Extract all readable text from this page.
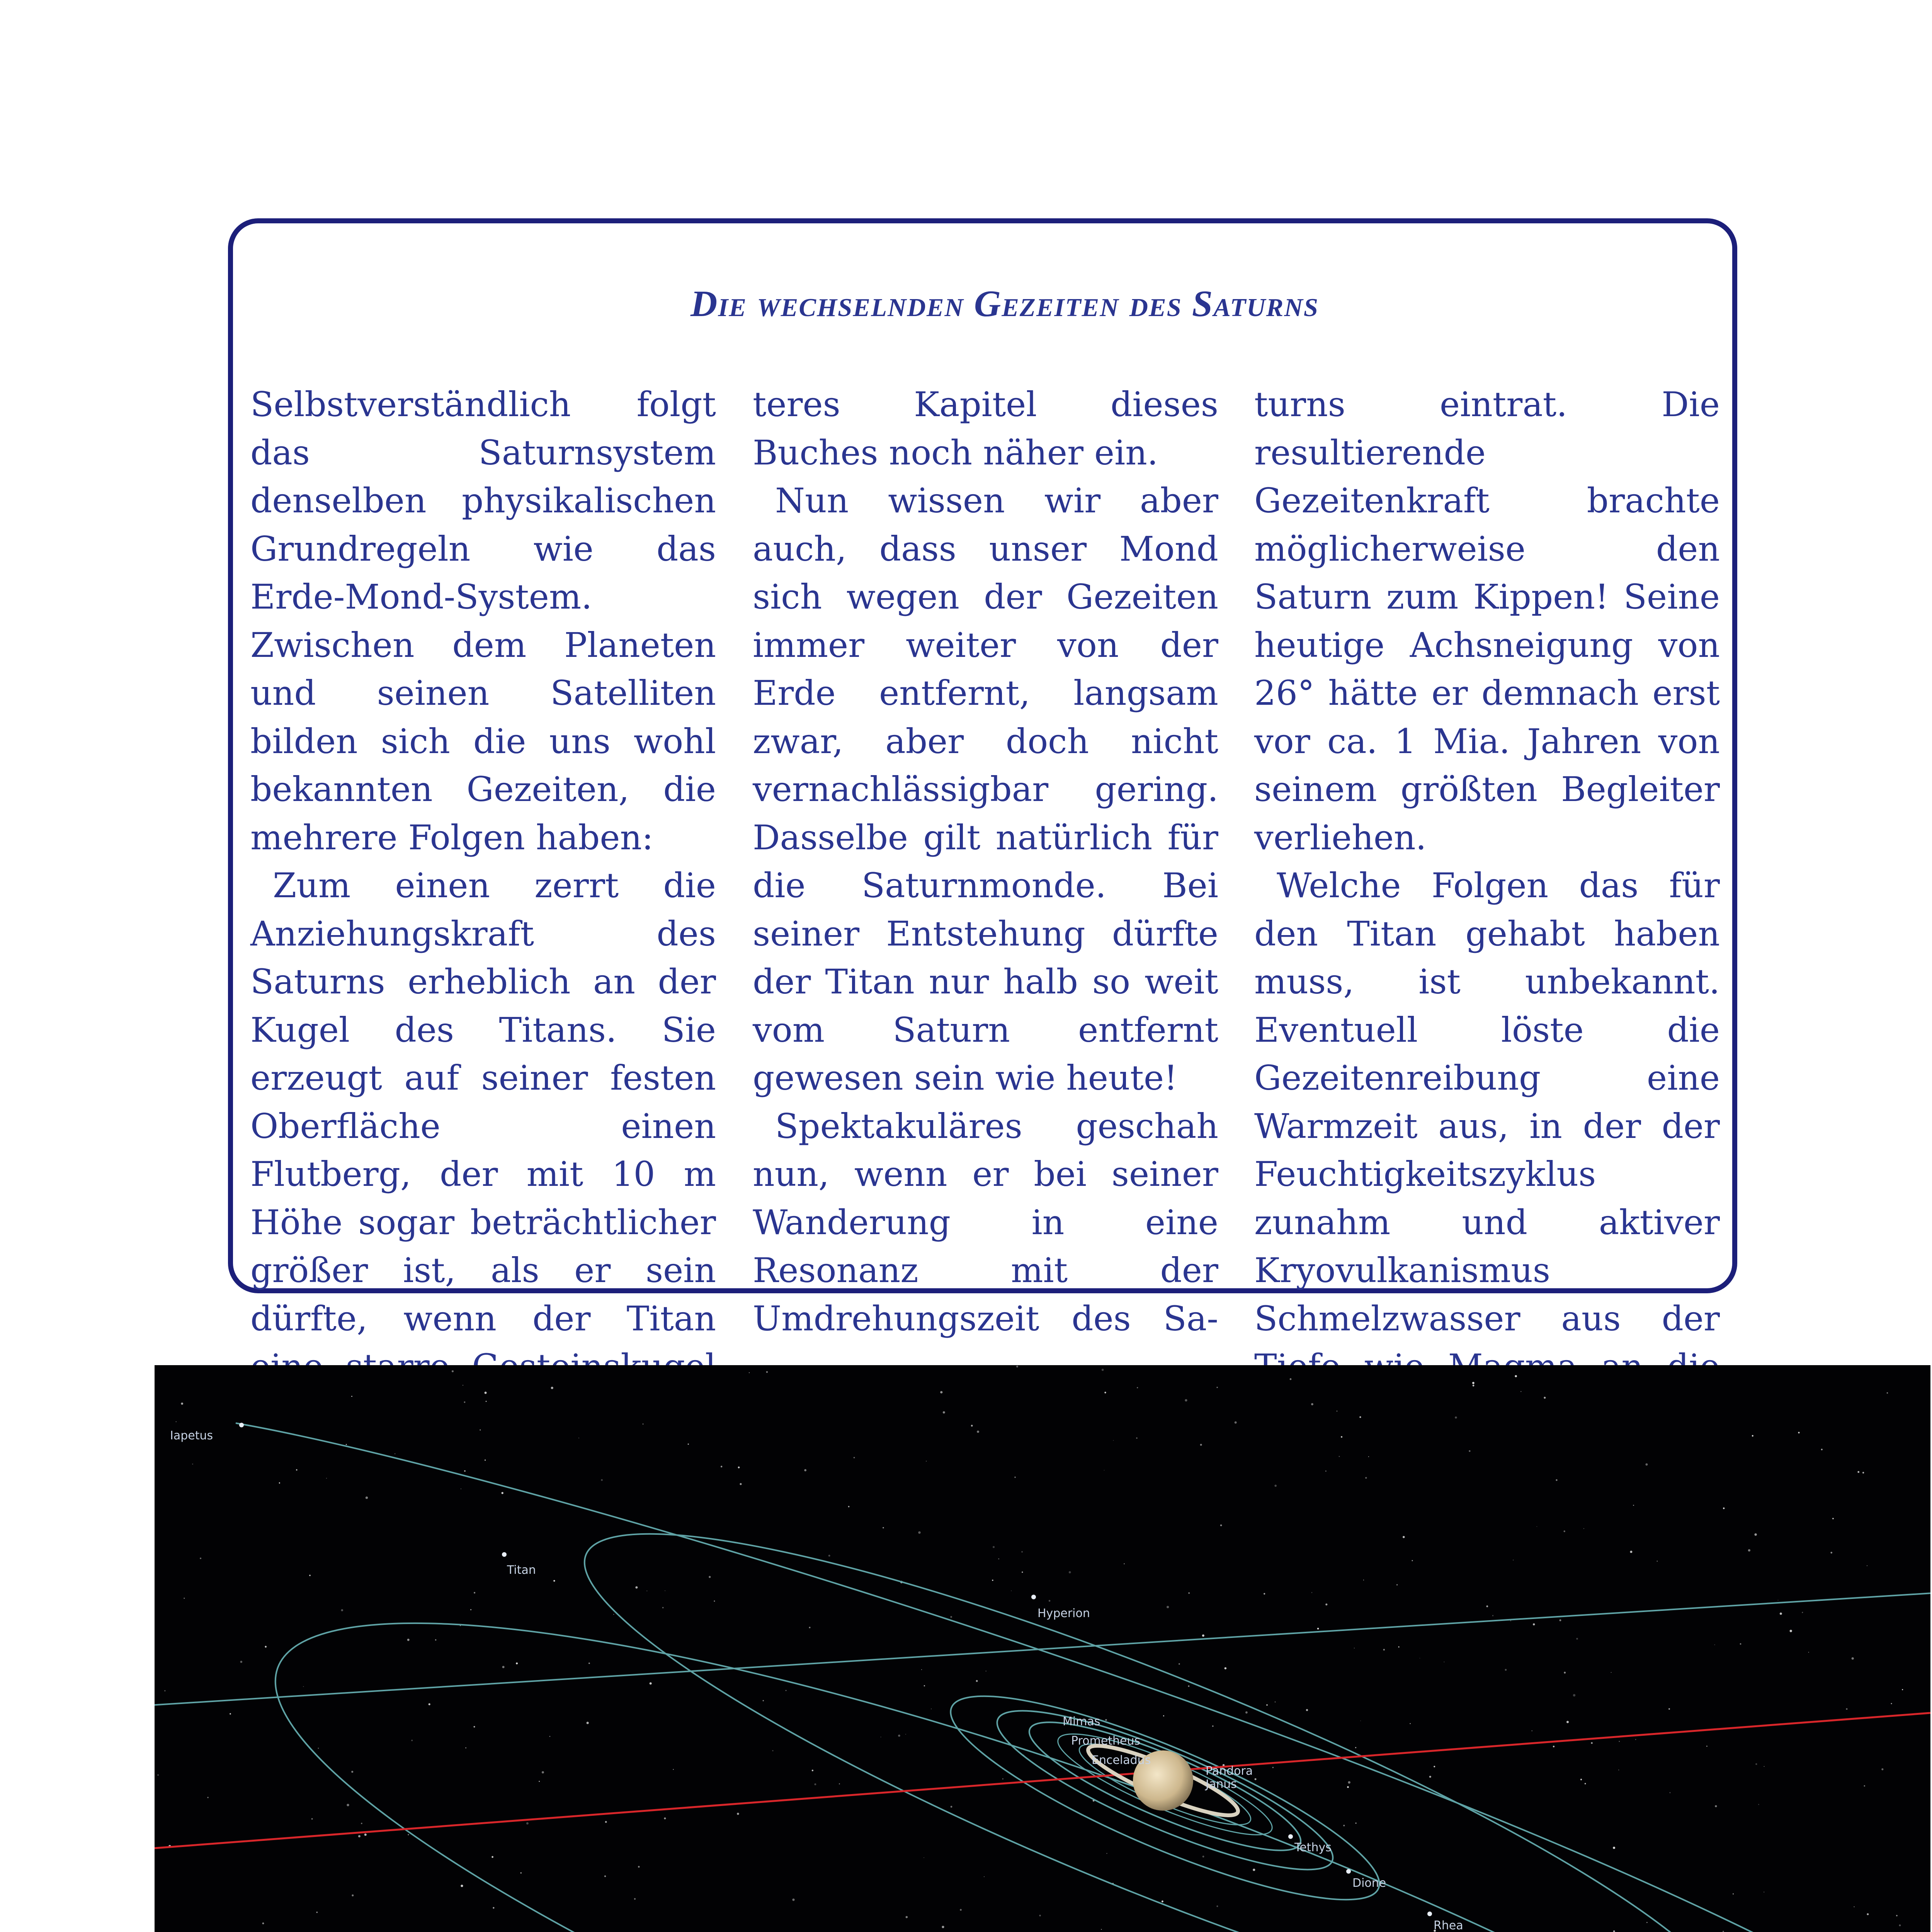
Die wechselnden Gezeiten des Saturns

Selbstverständlich folgt das Saturnsystem denselben physikalischen Grundregeln wie das Erde-Mond-System. Zwischen dem Planeten und seinen Satelliten bilden sich die uns wohl bekannten Gezeiten, die mehrere Folgen haben:

Zum einen zerrt die Anziehungskraft des Saturns erheblich an der Kugel des Titans. Sie erzeugt auf seiner festen Oberfläche einen Flutberg, der mit 10 m Höhe sogar beträchtlicher größer ist, als er sein dürfte, wenn der Titan

teres Kapitel dieses Buches noch näher ein.

Nun wissen wir aber auch, dass unser Mond sich wegen der Gezeiten immer weiter von der Erde entfernt, langsam zwar, aber doch nicht vernachlässigbar gering. Dasselbe gilt natürlich für die Saturnmonde. Bei seiner Entstehung dürfte der Titan nur halb so weit vom Saturn entfernt gewesen sein wie heute!

Spektakuläres geschah nun, wenn er bei seiner Wanderung in eine Resonanz mit der Umdrehungszeit des Sa-

turns eintrat. Die resultierende Gezeitenkraft brachte möglicherweise den Saturn zum Kippen! Seine heutige Achsneigung von 26° hätte er demnach erst vor ca. 1 Mia. Jahren von seinem größten Begleiter verliehen.

Welche Folgen das für den Titan gehabt haben muss, ist unbekannt. Eventuell löste die Gezeitenreibung eine Warmzeit aus, in der der Feuchtigkeitszyklus zunahm und aktiver Kryovulkanismus Schmelzwasser aus der

Iapetus
Titan
Hyperion
Mimas
Prometheus
Enceladus
Pandora
Janus
Tethys
Dione
Rhea
